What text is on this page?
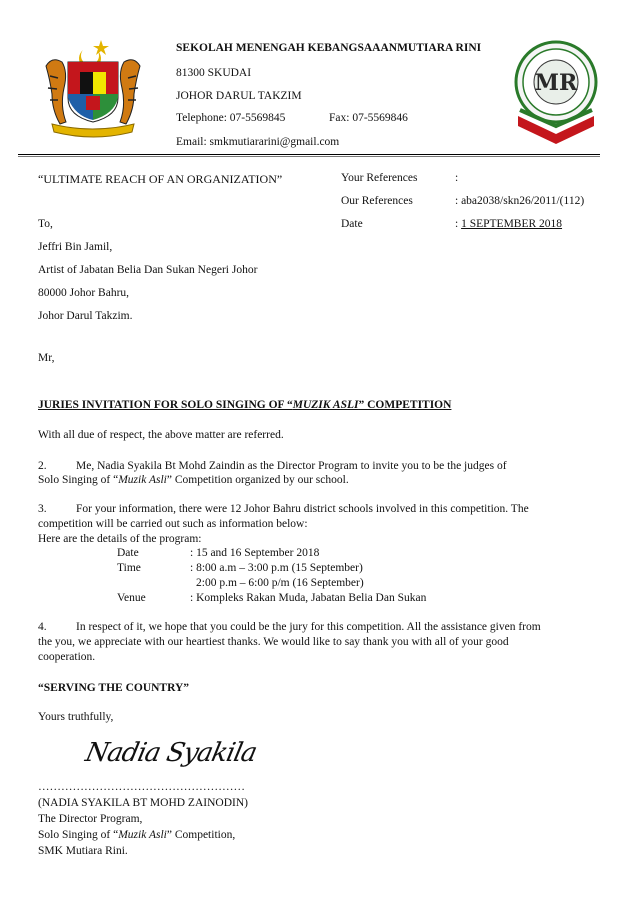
SEKOLAH MENENGAH KEBANGSAAANMUTIARA RINI
81300 SKUDAI
JOHOR DARUL TAKZIM
Telephone: 07-5569845	Fax: 07-5569846
Email: smkmutiararini@gmail.com
MR
“ULTIMATE REACH OF AN ORGANIZATION”	Your References	:
Our References	: aba2038/skn26/2011/(112)
Date	: 1 SEPTEMBER 2018
To,
Jeffri Bin Jamil,
Artist of Jabatan Belia Dan Sukan Negeri Johor
80000 Johor Bahru,
Johor Darul Takzim.
Mr,
JURIES INVITATION FOR SOLO SINGING OF “MUZIK ASLI” COMPETITION
With all due of respect, the above matter are referred.
2.	Me, Nadia Syakila Bt Mohd Zaindin as the Director Program to invite you to be the judges of
Solo Singing of “Muzik Asli” Competition organized by our school.
3.	For your information, there were 12 Johor Bahru district schools involved in this competition. The
competition will be carried out such as information below:
Here are the details of the program:
Date	: 15 and 16 September 2018
Time	: 8:00 a.m – 3:00 p.m (15 September)
2:00 p.m – 6:00 p/m (16 September)
Venue	: Kompleks Rakan Muda, Jabatan Belia Dan Sukan
4.	In respect of it, we hope that you could be the jury for this competition. All the assistance given from
the you, we appreciate with our heartiest thanks. We would like to say thank you with all of your good
cooperation.
“SERVING THE COUNTRY”
Yours truthfully,
Nadia Syakila
………………………………………………
(NADIA SYAKILA BT MOHD ZAINODIN)
The Director Program,
Solo Singing of “Muzik Asli” Competition,
SMK Mutiara Rini.
